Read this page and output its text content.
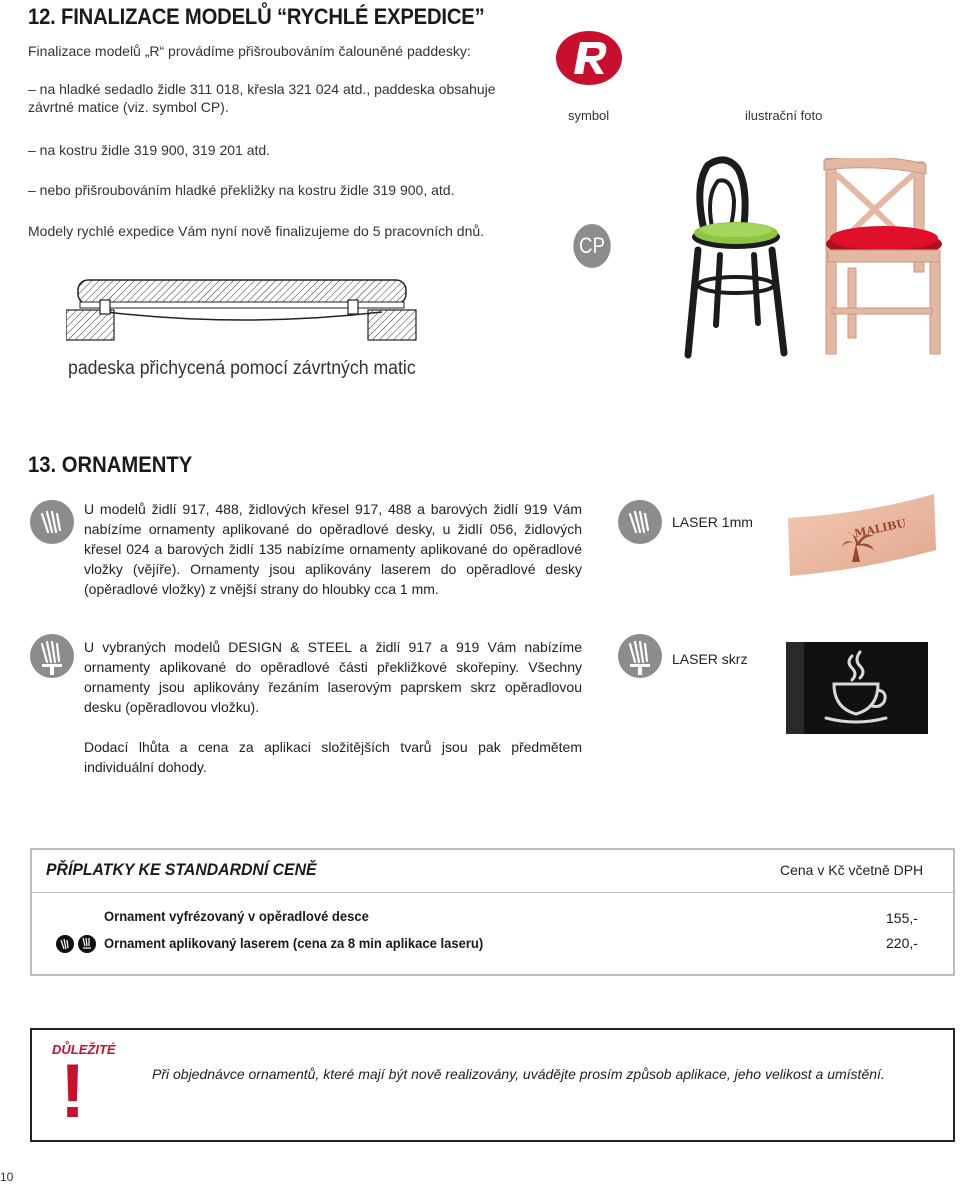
12. FINALIZACE MODELŮ “RYCHLÉ EXPEDICE”
Finalizace modelů „R“ provádíme přišroubováním čalouněné paddesky:
– na hladké sedadlo židle 311 018, křesla 321 024 atd., paddeska obsahuje
závrtné matice (viz. symbol CP).
– na kostru židle 319 900, 319 201 atd.
– nebo přišroubováním hladké překližky na kostru židle 319 900, atd.
Modely rychlé expedice Vám nyní nově finalizujeme do 5 pracovních dnů.
symbol	ilustrační foto
CP
padeska přichycená pomocí závrtných matic
13. ORNAMENTY
U modelů židlí 917, 488, židlových křesel 917, 488 a barových židlí 919 Vám nabízíme ornamenty aplikované do opěradlové desky, u židlí 056, židlových křesel 024 a barových židlí 135 nabízíme ornamenty aplikované do opěradlové vložky (vějíře). Ornamenty jsou aplikovány laserem do opěradlové desky (opěradlové vložky) z vnější strany do hloubky cca 1 mm.
LASER 1mm	MALIBU
U vybraných modelů DESIGN & STEEL a židlí 917 a 919 Vám nabízíme ornamenty aplikované do opěradlové části překližkové skořepiny. Všechny ornamenty jsou aplikovány řezáním laserovým paprskem skrz opěradlovou desku (opěradlovou vložku).
Dodací lhůta a cena za aplikaci složitějších tvarů jsou pak předmětem individuální dohody.
LASER skrz
PŘÍPLATKY KE STANDARDNÍ CENĚ	Cena v Kč včetně DPH
Ornament vyfrézovaný v opěradlové desce	155,-
Ornament aplikovaný laserem (cena za 8 min aplikace laseru)	220,-
DŮLEŽITÉ
!	Při objednávce ornamentů, které mají být nově realizovány, uvádějte prosím způsob aplikace, jeho velikost a umístění.
10
